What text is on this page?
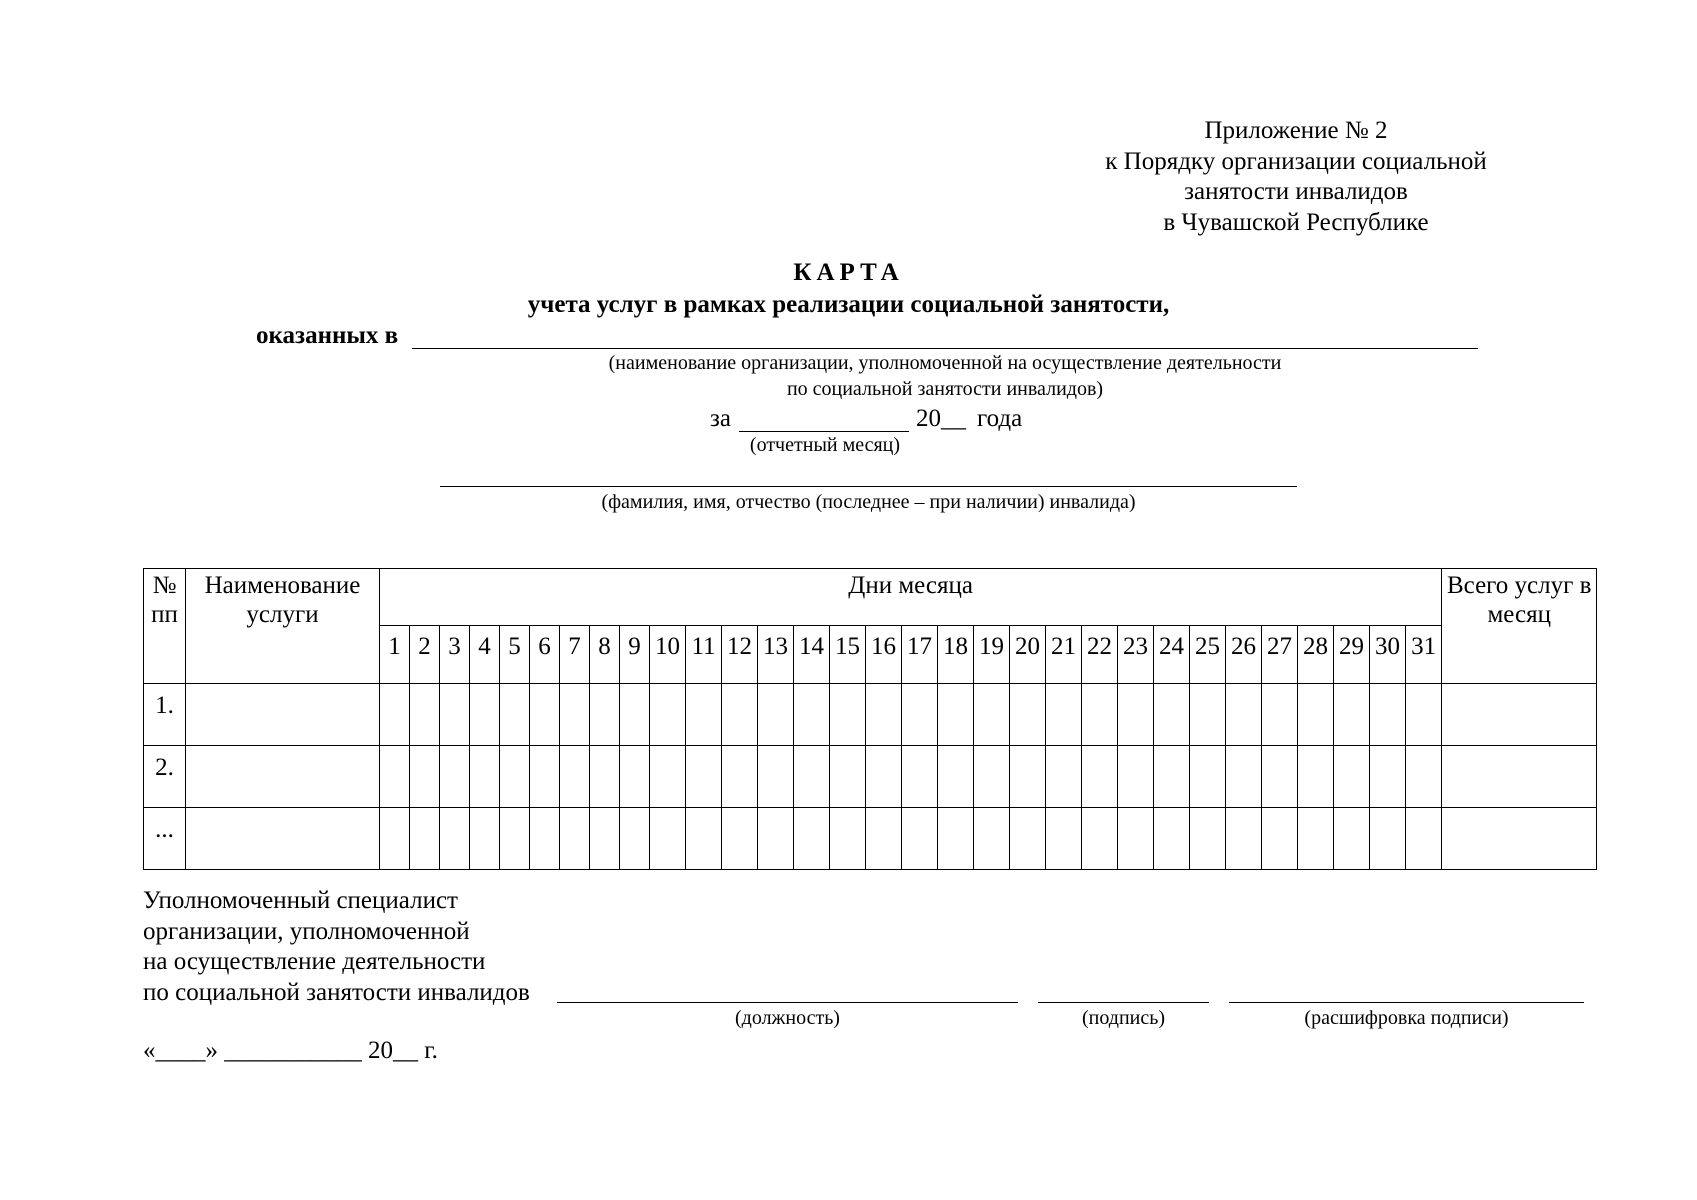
Приложение № 2
к Порядку организации социальной
занятости инвалидов
в Чувашской Республике
КАРТА
учета услуг в рамках реализации социальной занятости,
оказанных в
(наименование организации, уполномоченной на осуществление деятельности
по социальной занятости инвалидов)
за	20__ года
(отчетный месяц)
(фамилия, имя, отчество (последнее – при наличии) инвалида)
№ пп	Наименование услуги	Дни месяца																															Всего услуг в месяц
		1	2	3	4	5	6	7	8	9	10	11	12	13	14	15	16	17	18	19	20	21	22	23	24	25	26	27	28	29	30	31	
1.																																	
2.																																	
...																																	
Уполномоченный специалист
организации, уполномоченной
на осуществление деятельности
по социальной занятости инвалидов
(должность)	(подпись)	(расшифровка подписи)
«____» ___________ 20__ г.
